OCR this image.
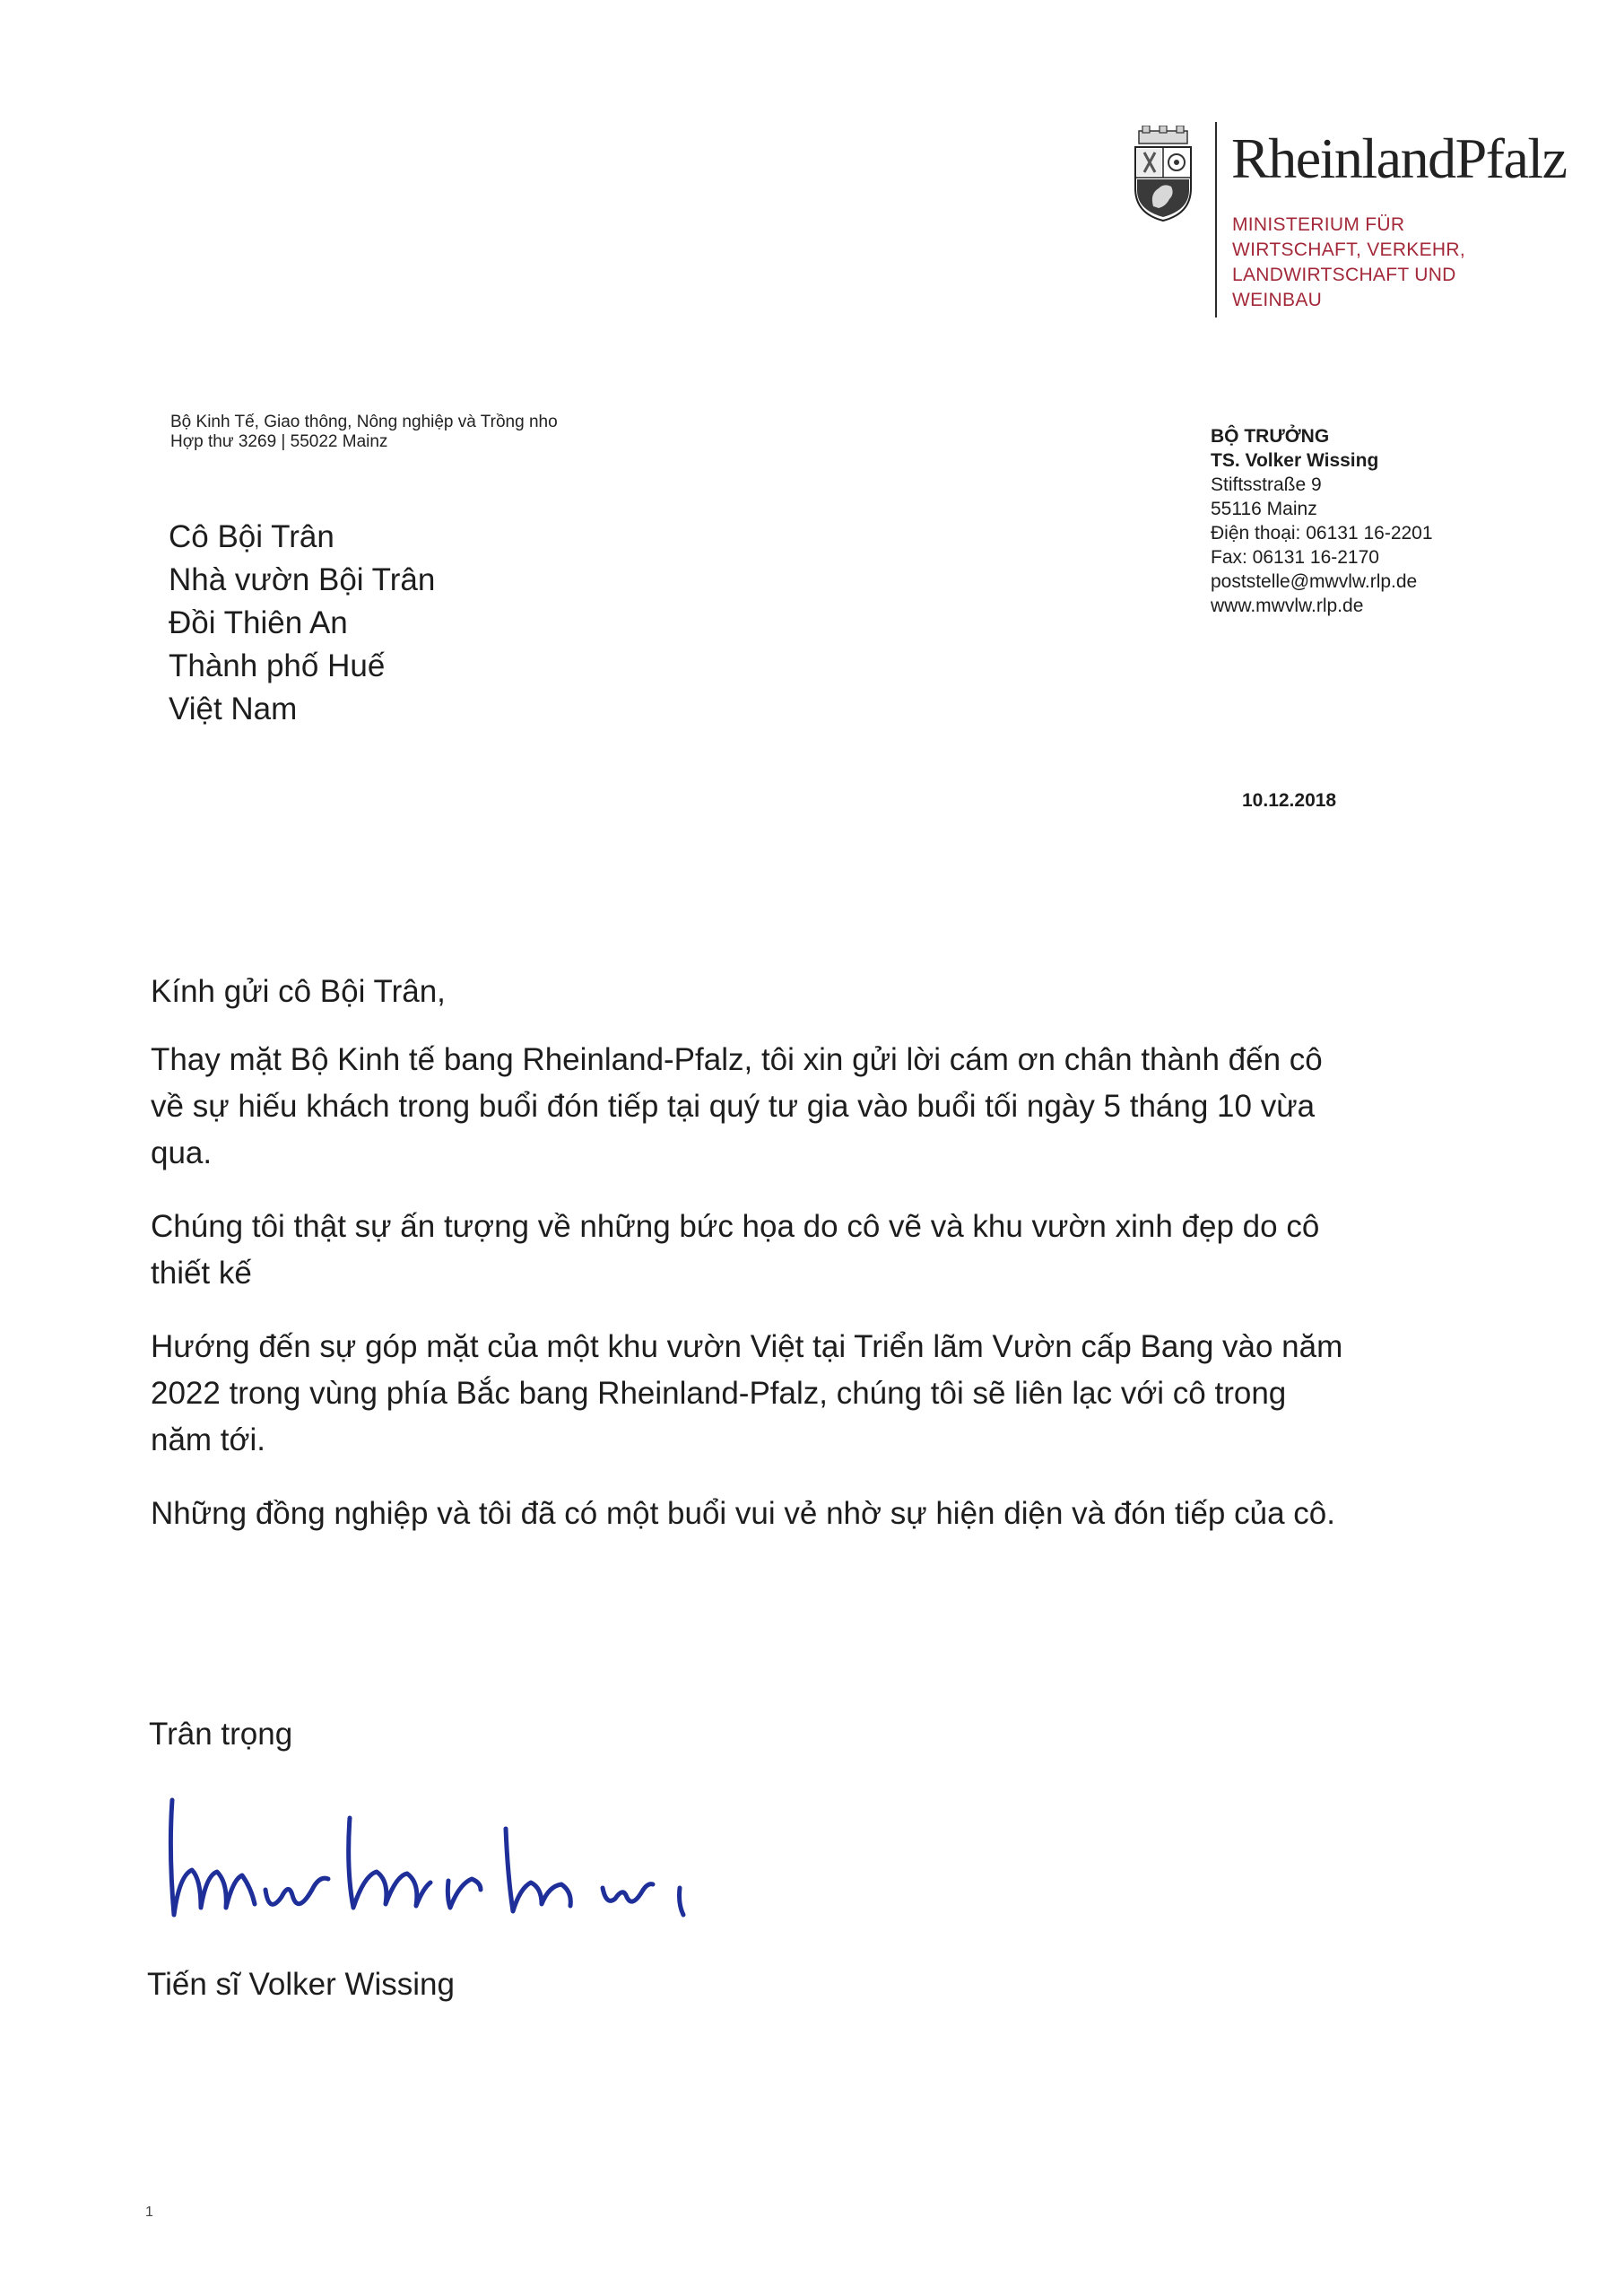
RheinlandPfalz
MINISTERIUM FÜR
WIRTSCHAFT, VERKEHR,
LANDWIRTSCHAFT UND
WEINBAU
Bộ Kinh Tế, Giao thông, Nông nghiệp và Trồng nho
Hợp thư 3269 | 55022 Mainz
Cô Bội Trân
Nhà vườn Bội Trân
Đồi Thiên An
Thành phố Huế
Việt Nam
BỘ TRƯỞNG
TS. Volker Wissing
Stiftsstraße 9
55116 Mainz
Điện thoại: 06131 16-2201
Fax: 06131 16-2170
poststelle@mwvlw.rlp.de
www.mwvlw.rlp.de
10.12.2018
Kính gửi cô Bội Trân,

Thay mặt Bộ Kinh tế bang Rheinland-Pfalz, tôi xin gửi lời cám ơn chân thành đến cô
về sự hiếu khách trong buổi đón tiếp tại quý tư gia vào buổi tối ngày 5 tháng 10 vừa
qua.

Chúng tôi thật sự ấn tượng về những bức họa do cô vẽ và khu vườn xinh đẹp do cô
thiết kế

Hướng đến sự góp mặt của một khu vườn Việt tại Triển lãm Vườn cấp Bang vào năm
2022 trong vùng phía Bắc bang Rheinland-Pfalz, chúng tôi sẽ liên lạc với cô trong
năm tới.

Những đồng nghiệp và tôi đã có một buổi vui vẻ nhờ sự hiện diện và đón tiếp của cô.

Trân trọng
Tiến sĩ Volker Wissing
1
